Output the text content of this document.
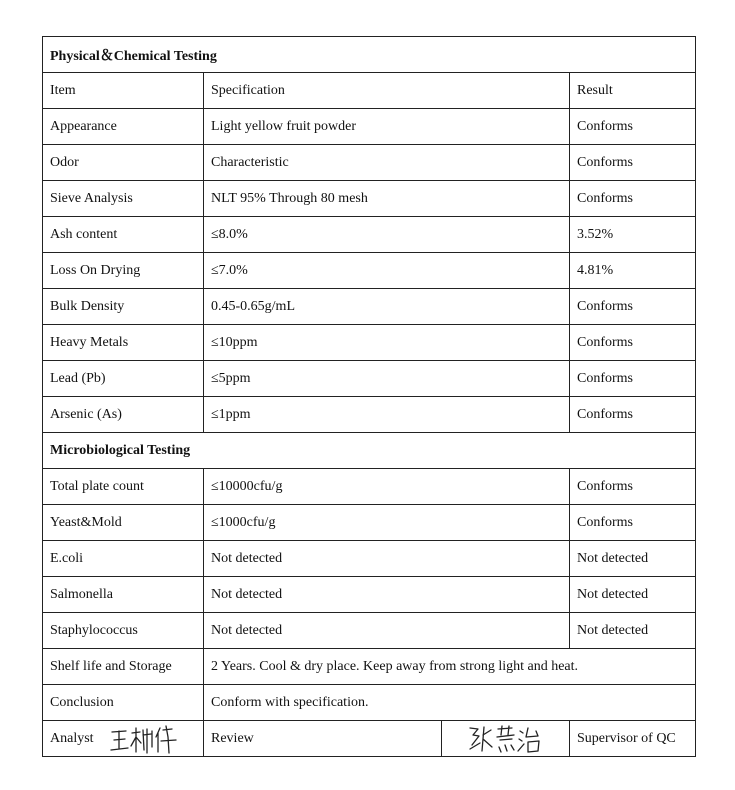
Physical＆Chemical Testing				
Item	Specification		Result	
Appearance	Light yellow fruit powder		Conforms	
Odor	Characteristic		Conforms	
Sieve Analysis	NLT 95% Through 80 mesh		Conforms	
Ash content	≤8.0%		3.52%	
Loss On Drying	≤7.0%		4.81%	
Bulk Density	0.45-0.65g/mL		Conforms	
Heavy Metals	≤10ppm		Conforms	
Lead (Pb)	≤5ppm		Conforms	
Arsenic (As)	≤1ppm		Conforms	
Microbiological Testing				
Total plate count	≤10000cfu/g		Conforms	
Yeast&Mold	≤1000cfu/g		Conforms	
E.coli	Not detected		Not detected	
Salmonella	Not detected		Not detected	
Staphylococcus	Not detected		Not detected	
Shelf life and Storage	2 Years. Cool & dry place. Keep away from strong light and heat.			
Conclusion	Conform with specification.			
Analyst	Review		Supervisor of QC	
